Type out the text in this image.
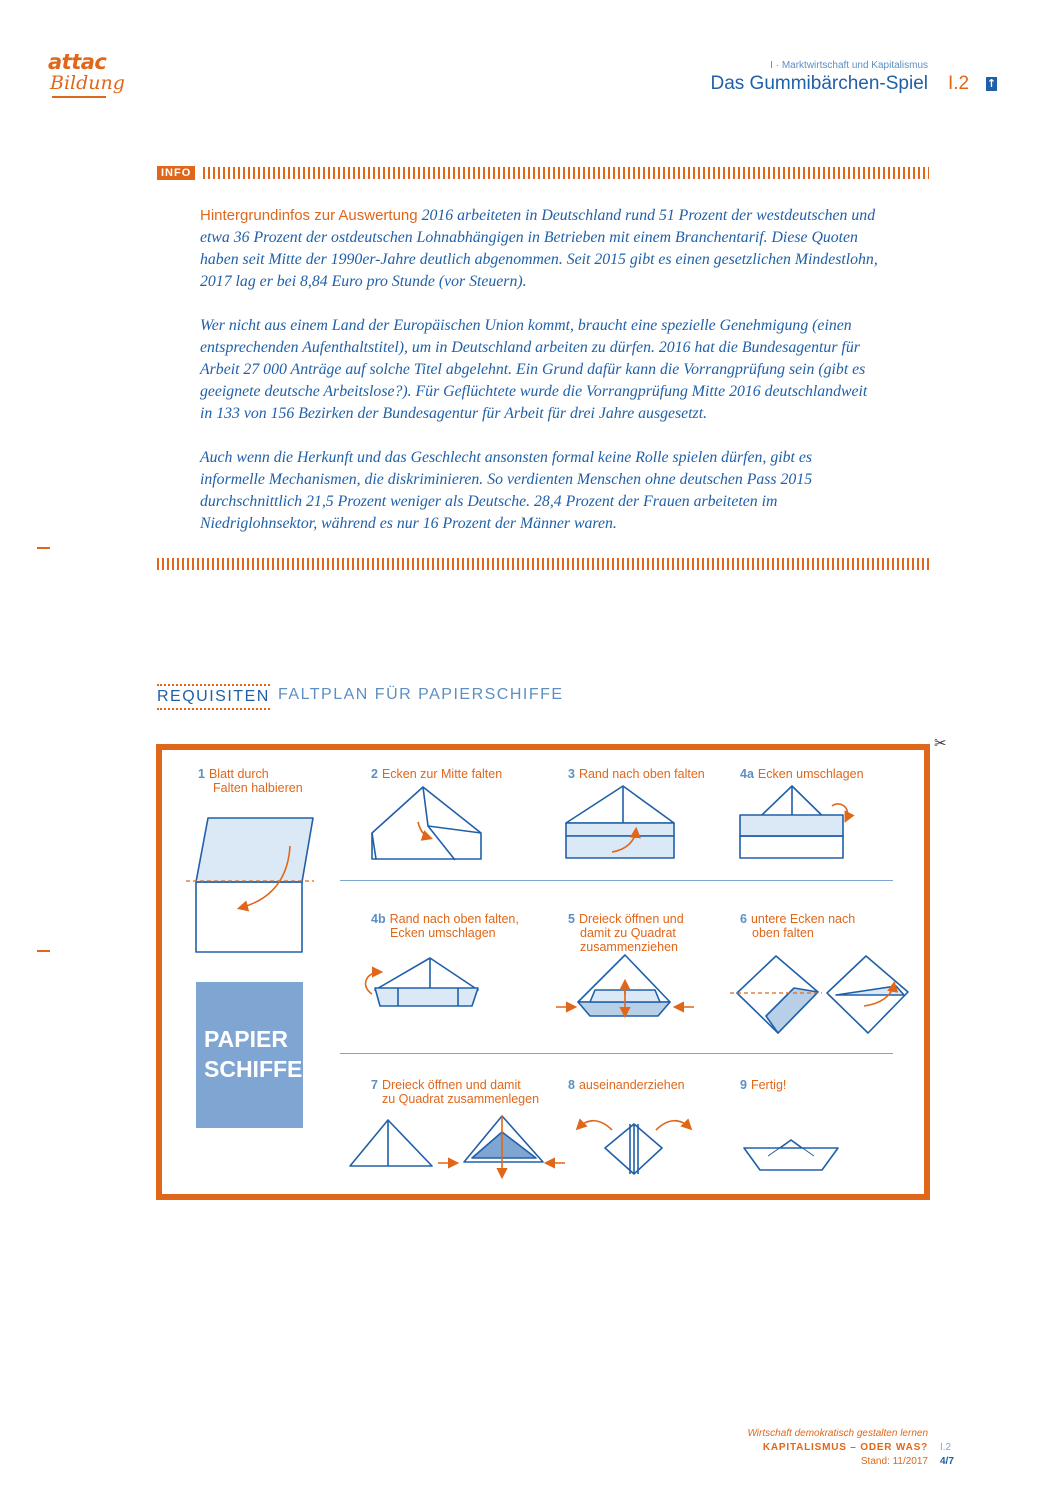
attac
Bildung
I · Marktwirtschaft und Kapitalismus
Das Gummibärchen-Spiel I.2 ↑
INFO

Hintergrundinfos zur Auswertung 2016 arbeiteten in Deutschland rund 51 Prozent der westdeutschen und etwa 36 Prozent der ostdeutschen Lohnabhängigen in Betrieben mit einem Branchentarif. Diese Quoten haben seit Mitte der 1990er-Jahre deutlich abgenommen. Seit 2015 gibt es einen gesetzlichen Mindestlohn, 2017 lag er bei 8,84 Euro pro Stunde (vor Steuern).

Wer nicht aus einem Land der Europäischen Union kommt, braucht eine spezielle Genehmigung (einen entsprechenden Aufenthaltstitel), um in Deutschland arbeiten zu dürfen. 2016 hat die Bundesagentur für Arbeit 27 000 Anträge auf solche Titel abgelehnt. Ein Grund dafür kann die Vorrangprüfung sein (gibt es geeignete deutsche Arbeitslose?). Für Geflüchtete wurde die Vorrangprüfung Mitte 2016 deutschlandweit in 133 von 156 Bezirken der Bundesagentur für Arbeit für drei Jahre ausgesetzt.

Auch wenn die Herkunft und das Geschlecht ansonsten formal keine Rolle spielen dürfen, gibt es informelle Mechanismen, die diskriminieren. So verdienten Menschen ohne deutschen Pass 2015 durchschnittlich 21,5 Prozent weniger als Deutsche. 28,4 Prozent der Frauen arbeiteten im Niedriglohnsektor, während es nur 16 Prozent der Männer waren.

REQUISITEN FALTPLAN FÜR PAPIERSCHIFFE
✂
1 Blatt durch
Falten halbieren
2 Ecken zur Mitte falten	3 Rand nach oben falten	4a Ecken umschlagen
4b Rand nach oben falten,
Ecken umschlagen
5 Dreieck öffnen und
damit zu Quadrat
zusammenziehen
6 untere Ecken nach
oben falten
7 Dreieck öffnen und damit
zu Quadrat zusammenlegen
8 auseinanderziehen	9 Fertig!
PAPIER
SCHIFFE
Wirtschaft demokratisch gestalten lernen
KAPITALISMUS – ODER WAS?
Stand: 11/2017
I.2
4/7
